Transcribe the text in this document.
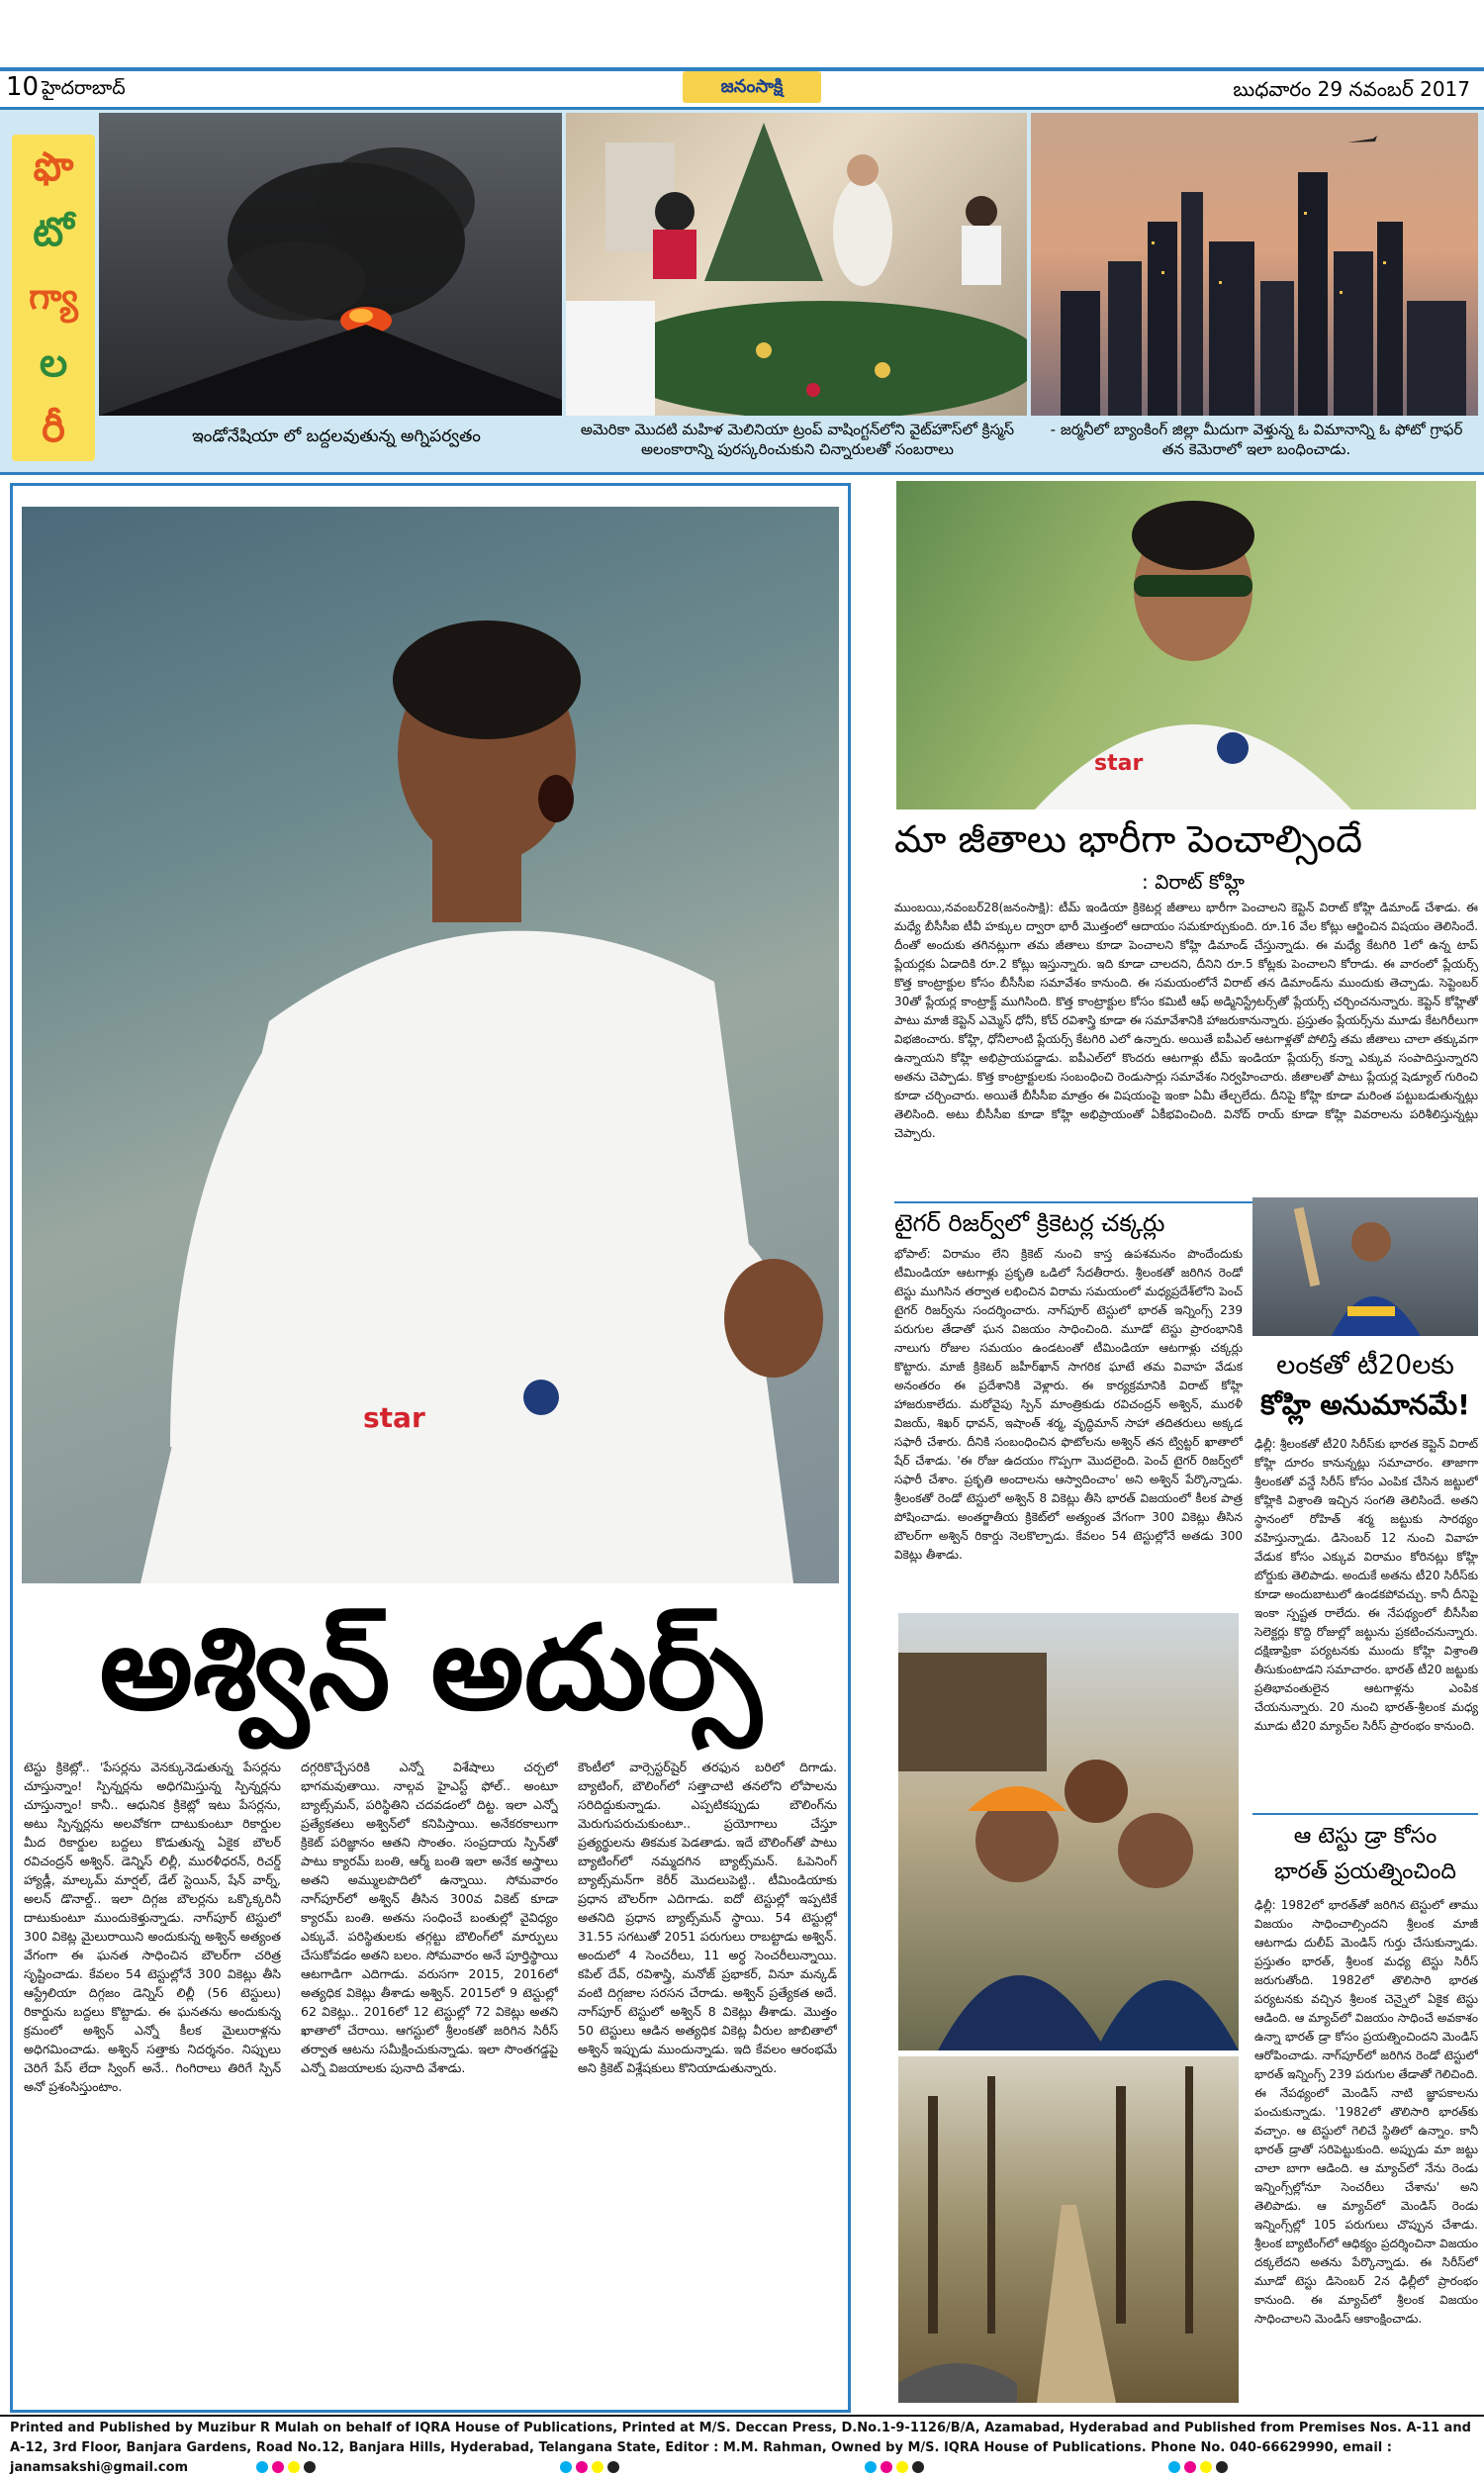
10 హైదరాబాద్	జనంసాక్షి	బుధవారం 29 నవంబర్ 2017
ఫొ
టో
గ్యా
ల
రీ	ఇండోనేషియా లో బద్దలవుతున్న అగ్నిపర్వతం	అమెరికా మొదటి మహిళ మెలినియా ట్రంప్ వాషింగ్టన్‌లోని వైట్‌హౌస్‌లో క్రిస్మస్ అలంకారాన్ని పురస్కరించుకుని చిన్నారులతో సంబరాలు
- జర్మనీలో బ్యాంకింగ్ జిల్లా మీదుగా వెళ్తున్న ఓ విమానాన్ని ఓ ఫోటో గ్రాఫర్ తన కెమెరాలో ఇలా బంధించాడు.
star
అశ్విన్ అదుర్స్
టెస్టు క్రికెట్లో.. 'పేసర్లను వెనక్కునెడుతున్న పేసర్లను చూస్తున్నాం! స్పిన్నర్లను అధిగమిస్తున్న స్పిన్నర్లను చూస్తున్నాం! కానీ.. ఆధునిక క్రికెట్లో ఇటు పేసర్లను, అటు స్పిన్నర్లను అలవోకగా దాటుకుంటూ రికార్డుల మీద రికార్డుల బద్దలు కొడుతున్న ఏకైక బౌలర్ రవిచంద్రన్ అశ్విన్. డెన్నిస్ లిల్లీ, మురళీధరన్, రిచర్డ్ హ్యాడ్లీ, మాల్కమ్ మార్షల్, డేల్ స్టెయిన్, షేన్ వార్న్, అలన్ డొనాల్డ్.. ఇలా దిగ్గజ బౌలర్లను ఒక్కొక్కరినీ దాటుకుంటూ ముందుకెళ్తున్నాడు. నాగ్‌పూర్ టెస్టులో 300 వికెట్ల మైలురాయిని అందుకున్న అశ్విన్ అత్యంత వేగంగా ఈ ఘనత సాధించిన బౌలర్‌గా చరిత్ర సృష్టించాడు. కేవలం 54 టెస్టుల్లోనే 300 వికెట్లు తీసి ఆస్ట్రేలియా దిగ్గజం డెన్నిస్ లిల్లీ (56 టెస్టులు) రికార్డును బద్దలు కొట్టాడు. ఈ ఘనతను అందుకున్న క్రమంలో అశ్విన్ ఎన్నో కీలక మైలురాళ్లను అధిగమించాడు. అశ్విన్ సత్తాకు నిదర్శనం. నిప్పులు చెరిగే పేస్ లేదా స్వింగ్ అనే.. గింగిరాలు తిరిగే స్పిన్ అనో ప్రశంసిస్తుంటాం.
దగ్గరికొచ్చేసరికి ఎన్నో విశేషాలు చర్చలో భాగమవుతాయి. నాల్గవ హైఎస్ట్ ఫోల్.. అంటూ బ్యాట్స్‌మన్, పరిస్థితిని చదవడంలో దిట్ట. ఇలా ఎన్నో ప్రత్యేకతలు అశ్విన్‌లో కనిపిస్తాయి. అనేకరకాలుగా క్రికెట్ పరిజ్ఞానం ఆతని సొంతం. సంప్రదాయ స్పిన్‌తో పాటు క్యారమ్ బంతి, ఆర్మ్ బంతి ఇలా అనేక అస్త్రాలు అతని అమ్ములపొదిలో ఉన్నాయి. సోమవారం నాగ్‌పూర్‌లో అశ్విన్ తీసిన 300వ వికెట్ కూడా క్యారమ్ బంతి. అతను సంధించే బంతుల్లో వైవిధ్యం ఎక్కువే. పరిస్థితులకు తగ్గట్టు బౌలింగ్‌లో మార్పులు చేసుకోవడం అతని బలం. సోమవారం అనే పూర్తిస్థాయి ఆటగాడిగా ఎదిగాడు. వరుసగా 2015, 2016లో అత్యధిక వికెట్లు తీశాడు అశ్విన్. 2015లో 9 టెస్టుల్లో 62 వికెట్లు.. 2016లో 12 టెస్టుల్లో 72 వికెట్లు అతని ఖాతాలో చేరాయి. ఆగస్టులో శ్రీలంకతో జరిగిన సిరీస్ తర్వాత ఆటను సమీక్షించుకున్నాడు. ఇలా సొంతగడ్డపై ఎన్నో విజయాలకు పునాది వేశాడు.
కౌంటీలో వార్సెస్టర్‌షైర్ తరఫున బరిలో దిగాడు. బ్యాటింగ్, బౌలింగ్‌లో సత్తాచాటి తనలోని లోపాలను సరిదిద్దుకున్నాడు. ఎప్పటికప్పుడు బౌలింగ్‌ను మెరుగుపరుచుకుంటూ.. ప్రయోగాలు చేస్తూ ప్రత్యర్థులను తికమక పెడతాడు. ఇదే బౌలింగ్‌తో పాటు బ్యాటింగ్‌లో నమ్మదగిన బ్యాట్స్‌మన్. ఓపెనింగ్ బ్యాట్స్‌మన్‌గా కెరీర్ మొదలుపెట్టి.. టీమిండియాకు ప్రధాన బౌలర్‌గా ఎదిగాడు. ఐదో టెస్టుల్లో ఇప్పటికే అతనిది ప్రధాన బ్యాట్స్‌మన్ స్థాయి. 54 టెస్టుల్లో 31.55 సగటుతో 2051 పరుగులు రాబట్టాడు అశ్విన్. అందులో 4 సెంచరీలు, 11 అర్ధ సెంచరీలున్నాయి. కపిల్ దేవ్, రవిశాస్త్రి, మనోజ్ ప్రభాకర్, వినూ మన్కడ్ వంటి దిగ్గజాల సరసన చేరాడు. అశ్విన్ ప్రత్యేకత అదే. నాగ్‌పూర్ టెస్టులో అశ్విన్ 8 వికెట్లు తీశాడు. మొత్తం 50 టెస్టులు ఆడిన అత్యధిక వికెట్ల వీరుల జాబితాలో అశ్విన్ ఇప్పుడు ముందున్నాడు. ఇది కేవలం ఆరంభమే అని క్రికెట్ విశ్లేషకులు కొనియాడుతున్నారు.
star
మా జీతాలు భారీగా పెంచాల్సిందే
: విరాట్ కోహ్లి
ముంబయి,నవంబర్28(జనంసాక్షి): టీమ్ ఇండియా క్రికెటర్ల జీతాలు భారీగా పెంచాలని కెప్టెన్ విరాట్ కోహ్లి డిమాండ్ చేశాడు. ఈ మధ్యే బీసీసీఐ టీవీ హక్కుల ద్వారా భారీ మొత్తంలో ఆదాయం సమకూర్చుకుంది. రూ.16 వేల కోట్లు ఆర్జించిన విషయం తెలిసిందే. దీంతో అందుకు తగినట్లుగా తమ జీతాలు కూడా పెంచాలని కోహ్లి డిమాండ్ చేస్తున్నాడు. ఈ మధ్యే కేటగిరి 1లో ఉన్న టాప్ ప్లేయర్లకు ఏడాదికి రూ.2 కోట్లు ఇస్తున్నారు. ఇది కూడా చాలదని, దీనిని రూ.5 కోట్లకు పెంచాలని కోరాడు. ఈ వారంలో ప్లేయర్స్ కొత్త కాంట్రాక్టుల కోసం బీసీసీఐ సమావేశం కానుంది. ఈ సమయంలోనే విరాట్ తన డిమాండ్‌ను ముందుకు తెచ్చాడు. సెప్టెంబర్ 30తో ప్లేయర్ల కాంట్రాక్ట్ ముగిసింది. కొత్త కాంట్రాక్టుల కోసం కమిటీ ఆఫ్ అడ్మినిస్ట్రేటర్స్‌తో ప్లేయర్స్ చర్చించనున్నారు. కెప్టెన్ కోహ్లితో పాటు మాజీ కెప్టెన్ ఎమ్మెస్ ధోనీ, కోచ్ రవిశాస్త్రి కూడా ఈ సమావేశానికి హాజరుకానున్నారు. ప్రస్తుతం ప్లేయర్స్‌ను మూడు కేటగిరీలుగా విభజించారు. కోహ్లి, ధోనీలాంటి ప్లేయర్స్ కేటగిరి ఎలో ఉన్నారు. అయితే ఐపీఎల్ ఆటగాళ్లతో పోలిస్తే తమ జీతాలు చాలా తక్కువగా ఉన్నాయని కోహ్లి అభిప్రాయపడ్డాడు. ఐపీఎల్‌లో కొందరు ఆటగాళ్లు టీమ్ ఇండియా ప్లేయర్స్ కన్నా ఎక్కువ సంపాదిస్తున్నారని అతను చెప్పాడు. కొత్త కాంట్రాక్టులకు సంబంధించి రెండుసార్లు సమావేశం నిర్వహించారు. జీతాలతో పాటు ప్లేయర్ల షెడ్యూల్ గురించి కూడా చర్చించారు. అయితే బీసీసీఐ మాత్రం ఈ విషయంపై ఇంకా ఏమీ తేల్చలేదు. దీనిపై కోహ్లి కూడా మరింత పట్టుబడుతున్నట్లు తెలిసింది. అటు బీసీసీఐ కూడా కోహ్లి అభిప్రాయంతో ఏకీభవించింది. వినోద్ రాయ్ కూడా కోహ్లి వివరాలను పరిశీలిస్తున్నట్లు చెప్పారు.
టైగర్ రిజర్వ్‌లో క్రికెటర్ల చక్కర్లు
భోపాల్: విరామం లేని క్రికెట్ నుంచి కాస్త ఉపశమనం పొందేందుకు టీమిండియా ఆటగాళ్లు ప్రకృతి ఒడిలో సేదతీరారు. శ్రీలంకతో జరిగిన రెండో టెస్టు ముగిసిన తర్వాత లభించిన విరామ సమయంలో మధ్యప్రదేశ్‌లోని పెంచ్ టైగర్ రిజర్వ్‌ను సందర్శించారు. నాగ్‌పూర్ టెస్టులో భారత్ ఇన్నింగ్స్ 239 పరుగుల తేడాతో ఘన విజయం సాధించింది. మూడో టెస్టు ప్రారంభానికి నాలుగు రోజుల సమయం ఉండటంతో టీమిండియా ఆటగాళ్లు చక్కర్లు కొట్టారు. మాజీ క్రికెటర్ జహీర్‌ఖాన్‌ సాగరిక ఘాటే తమ వివాహ వేడుక అనంతరం ఈ ప్రదేశానికి వెళ్లారు. ఈ కార్యక్రమానికి విరాట్ కోహ్లి హాజరుకాలేదు. మరోవైపు స్పిన్ మాంత్రికుడు రవిచంద్రన్ అశ్విన్‌, మురళీ విజయ్, శిఖర్ ధావన్, ఇషాంత్ శర్మ, వృద్ధిమాన్ సాహా తదితరులు అక్కడ సఫారీ చేశారు. దీనికి సంబంధించిన ఫొటోలను అశ్విన్ తన ట్విట్టర్ ఖాతాలో షేర్ చేశాడు. 'ఈ రోజు ఉదయం గొప్పగా మొదలైంది. పెంచ్ టైగర్ రిజర్వ్‌లో సఫారీ చేశాం. ప్రకృతి అందాలను ఆస్వాదించాం' అని అశ్విన్ పేర్కొన్నాడు. శ్రీలంకతో రెండో టెస్టులో అశ్విన్ 8 వికెట్లు తీసి భారత్ విజయంలో కీలక పాత్ర పోషించాడు. అంతర్జాతీయ క్రికెట్‌లో అత్యంత వేగంగా 300 వికెట్లు తీసిన బౌలర్‌గా అశ్విన్ రికార్డు నెలకొల్పాడు. కేవలం 54 టెస్టుల్లోనే అతడు 300 వికెట్లు తీశాడు.
లంకతో టీ20లకు
కోహ్లి అనుమానమే!
ఢిల్లీ: శ్రీలంకతో టీ20 సిరీస్‌కు భారత కెప్టెన్ విరాట్ కోహ్లి దూరం కానున్నట్లు సమాచారం. తాజాగా శ్రీలంకతో వన్డే సిరీస్ కోసం ఎంపిక చేసిన జట్టులో కోహ్లికి విశ్రాంతి ఇచ్చిన సంగతి తెలిసిందే. అతని స్థానంలో రోహిత్ శర్మ జట్టుకు సారథ్యం వహిస్తున్నాడు. డిసెంబర్ 12 నుంచి వివాహ వేడుక కోసం ఎక్కువ విరామం కోరినట్లు కోహ్లి బోర్డుకు తెలిపాడు. అందుకే అతను టీ20 సిరీస్‌కు కూడా అందుబాటులో ఉండకపోవచ్చు. కానీ దీనిపై ఇంకా స్పష్టత రాలేదు. ఈ నేపథ్యంలో బీసీసీఐ సెలెక్టర్లు కొద్ది రోజుల్లో జట్టును ప్రకటించనున్నారు. దక్షిణాఫ్రికా పర్యటనకు ముందు కోహ్లి విశ్రాంతి తీసుకుంటాడని సమాచారం. భారత్ టీ20 జట్టుకు ప్రతిభావంతులైన ఆటగాళ్లను ఎంపిక చేయనున్నారు. 20 నుంచి భారత్-శ్రీలంక మధ్య మూడు టీ20 మ్యాచ్‌ల సిరీస్ ప్రారంభం కానుంది.
ఆ టెస్టు డ్రా కోసం
భారత్ ప్రయత్నించింది
ఢిల్లీ: 1982లో భారత్‌తో జరిగిన టెస్టులో తాము విజయం సాధించాల్సిందని శ్రీలంక మాజీ ఆటగాడు దులీప్ మెండిస్ గుర్తు చేసుకున్నాడు. ప్రస్తుతం భారత్, శ్రీలంక మధ్య టెస్టు సిరీస్ జరుగుతోంది. 1982లో తొలిసారి భారత పర్యటనకు వచ్చిన శ్రీలంక చెన్నైలో ఏకైక టెస్టు ఆడింది. ఆ మ్యాచ్‌లో విజయం సాధించే అవకాశం ఉన్నా భారత్ డ్రా కోసం ప్రయత్నించిందని మెండిస్ ఆరోపించాడు. నాగ్‌పూర్‌లో జరిగిన రెండో టెస్టులో భారత్ ఇన్నింగ్స్ 239 పరుగుల తేడాతో గెలిచింది. ఈ నేపథ్యంలో మెండిస్ నాటి జ్ఞాపకాలను పంచుకున్నాడు. '1982లో తొలిసారి భారత్‌కు వచ్చాం. ఆ టెస్టులో గెలిచే స్థితిలో ఉన్నాం. కానీ భారత్ డ్రాతో సరిపెట్టుకుంది. అప్పుడు మా జట్టు చాలా బాగా ఆడింది. ఆ మ్యాచ్‌లో నేను రెండు ఇన్నింగ్స్‌ల్లోనూ సెంచరీలు చేశాను' అని తెలిపాడు. ఆ మ్యాచ్‌లో మెండిస్ రెండు ఇన్నింగ్స్‌ల్లో 105 పరుగులు చొప్పున చేశాడు. శ్రీలంక బ్యాటింగ్‌లో ఆధిక్యం ప్రదర్శించినా విజయం దక్కలేదని అతను పేర్కొన్నాడు. ఈ సిరీస్‌లో మూడో టెస్టు డిసెంబర్ 2న ఢిల్లీలో ప్రారంభం కానుంది. ఈ మ్యాచ్‌లో శ్రీలంక విజయం సాధించాలని మెండిస్ ఆకాంక్షించాడు.
Printed and Published by Muzibur R Mulah on behalf of IQRA House of Publications, Printed at M/S. Deccan Press, D.No.1-9-1126/B/A, Azamabad, Hyderabad and Published from Premises Nos. A-11 and A-12, 3rd Floor, Banjara Gardens, Road No.12, Banjara Hills, Hyderabad, Telangana State, Editor : M.M. Rahman, Owned by M/S. IQRA House of Publications. Phone No. 040-66629990, email : janamsakshi@gmail.com
